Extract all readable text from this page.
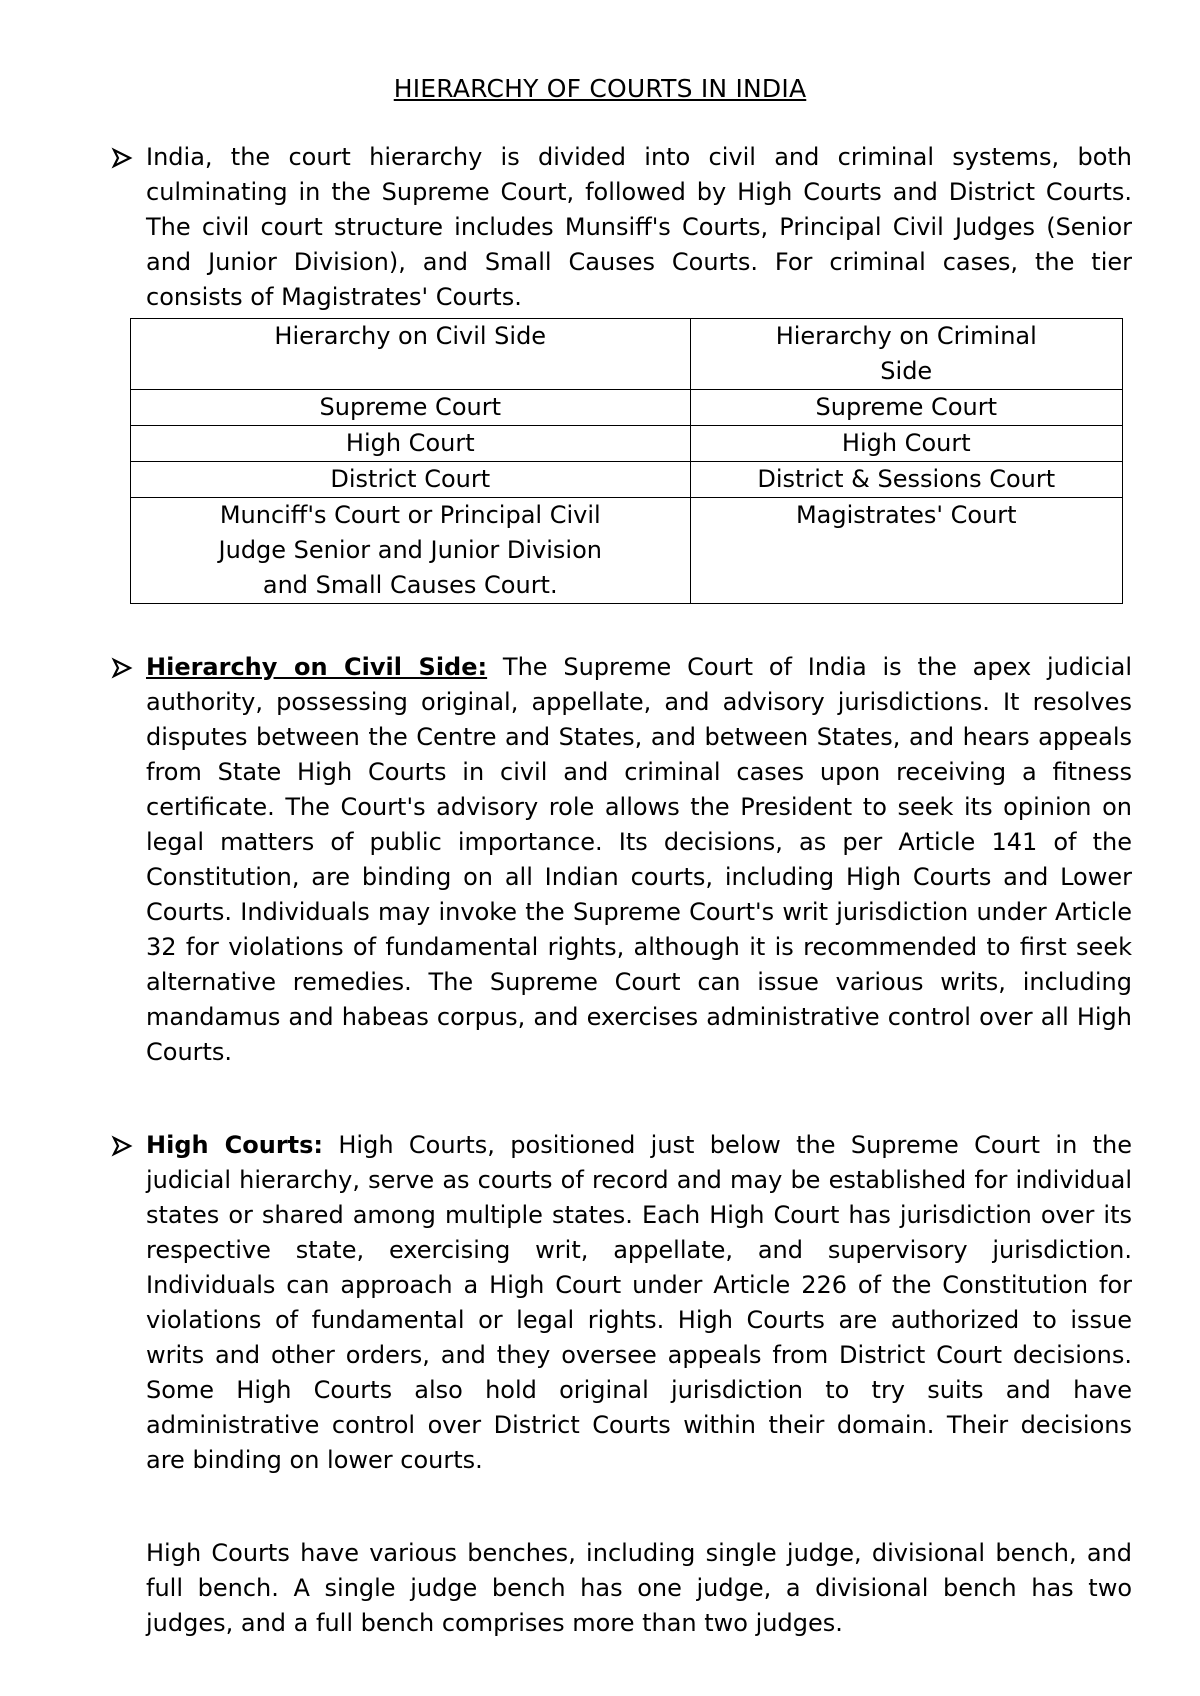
HIERARCHY OF COURTS IN INDIA

India, the court hierarchy is divided into civil and criminal systems, both culminating in the Supreme Court, followed by High Courts and District Courts. The civil court structure includes Munsiff's Courts, Principal Civil Judges (Senior and Junior Division), and Small Causes Courts. For criminal cases, the tier consists of Magistrates' Courts.

Hierarchy on Civil Side	Hierarchy on Criminal Side

Supreme Court	Supreme Court
High Court	High Court
District Court	District & Sessions Court

Munciff's Court or Principal Civil Judge Senior and Junior Division and Small Causes Court.	Magistrates' Court

Hierarchy on Civil Side: The Supreme Court of India is the apex judicial authority, possessing original, appellate, and advisory jurisdictions. It resolves disputes between the Centre and States, and between States, and hears appeals from State High Courts in civil and criminal cases upon receiving a fitness certificate. The Court's advisory role allows the President to seek its opinion on legal matters of public importance. Its decisions, as per Article 141 of the Constitution, are binding on all Indian courts, including High Courts and Lower Courts. Individuals may invoke the Supreme Court's writ jurisdiction under Article 32 for violations of fundamental rights, although it is recommended to first seek alternative remedies. The Supreme Court can issue various writs, including mandamus and habeas corpus, and exercises administrative control over all High Courts.

High Courts: High Courts, positioned just below the Supreme Court in the judicial hierarchy, serve as courts of record and may be established for individual states or shared among multiple states. Each High Court has jurisdiction over its respective state, exercising writ, appellate, and supervisory jurisdiction. Individuals can approach a High Court under Article 226 of the Constitution for violations of fundamental or legal rights. High Courts are authorized to issue writs and other orders, and they oversee appeals from District Court decisions. Some High Courts also hold original jurisdiction to try suits and have administrative control over District Courts within their domain. Their decisions are binding on lower courts.

High Courts have various benches, including single judge, divisional bench, and full bench. A single judge bench has one judge, a divisional bench has two judges, and a full bench comprises more than two judges.
